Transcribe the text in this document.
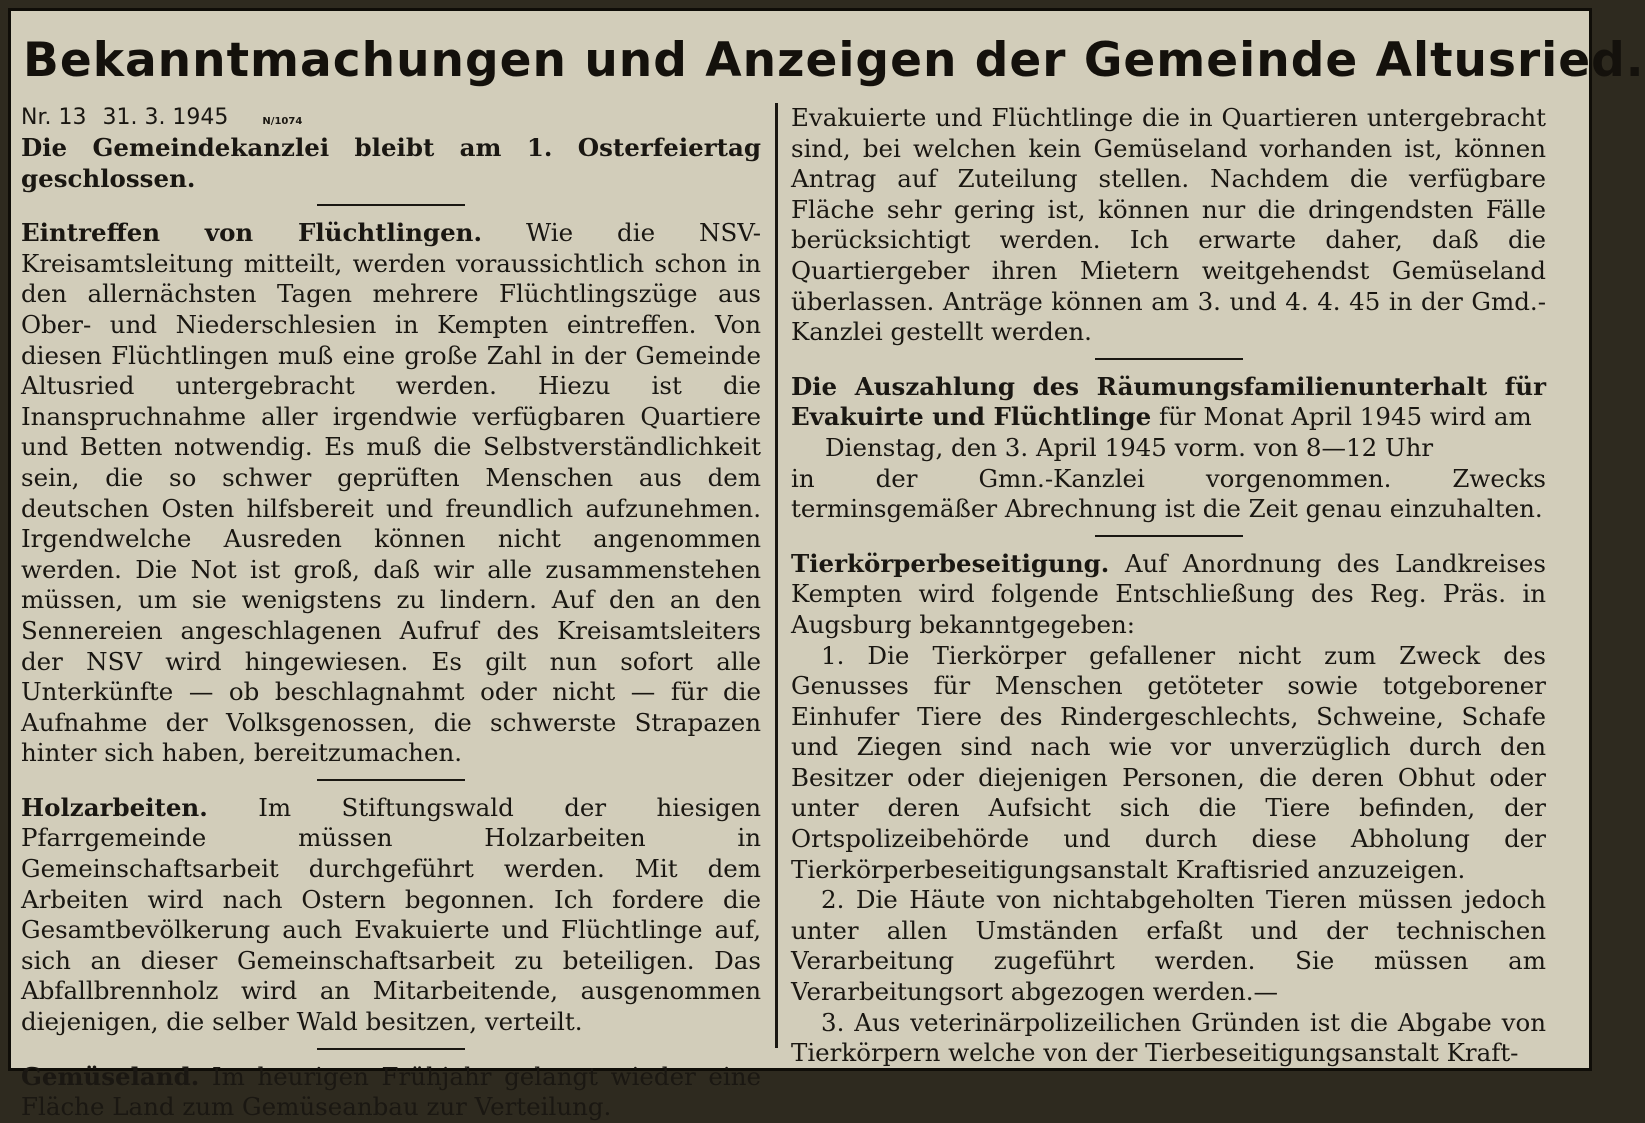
Bekanntmachungen und Anzeigen der Gemeinde Altusried.
Nr. 13 31. 3. 1945	N/1074

Die Gemeindekanzlei bleibt am 1. Osterfeiertag geschlossen.

Eintreffen von Flüchtlingen. Wie die NSV-Kreisamtsleitung mitteilt, werden voraussichtlich schon in den allernächsten Tagen mehrere Flüchtlingszüge aus Ober- und Niederschlesien in Kempten eintreffen. Von diesen Flüchtlingen muß eine große Zahl in der Gemeinde Altusried untergebracht werden. Hiezu ist die Inanspruchnahme aller irgendwie verfügbaren Quartiere und Betten notwendig. Es muß die Selbstverständlichkeit sein, die so schwer geprüften Menschen aus dem deutschen Osten hilfsbereit und freundlich aufzunehmen. Irgendwelche Ausreden können nicht angenommen werden. Die Not ist groß, daß wir alle zusammenstehen müssen, um sie wenigstens zu lindern. Auf den an den Sennereien angeschlagenen Aufruf des Kreisamtsleiters der NSV wird hingewiesen. Es gilt nun sofort alle Unterkünfte — ob beschlagnahmt oder nicht — für die Aufnahme der Volksgenossen, die schwerste Strapazen hinter sich haben, bereitzumachen.

Holzarbeiten. Im Stiftungswald der hiesigen Pfarrgemeinde müssen Holzarbeiten in Gemeinschaftsarbeit durchgeführt werden. Mit dem Arbeiten wird nach Ostern begonnen. Ich fordere die Gesamtbevölkerung auch Evakuierte und Flüchtlinge auf, sich an dieser Gemeinschaftsarbeit zu beteiligen. Das Abfallbrennholz wird an Mitarbeitende, ausgenommen diejenigen, die selber Wald besitzen, verteilt.

Gemüseland. Im heurigen Frühjahr gelangt wieder eine Fläche Land zum Gemüseanbau zur Verteilung.

Evakuierte und Flüchtlinge die in Quartieren untergebracht sind, bei welchen kein Gemüseland vorhanden ist, können Antrag auf Zuteilung stellen. Nachdem die verfügbare Fläche sehr gering ist, können nur die dringendsten Fälle berücksichtigt werden. Ich erwarte daher, daß die Quartiergeber ihren Mietern weitgehendst Gemüseland überlassen. Anträge können am 3. und 4. 4. 45 in der Gmd.-Kanzlei gestellt werden.

Die Auszahlung des Räumungsfamilienunterhalt für Evakuirte und Flüchtlinge für Monat April 1945 wird am

Dienstag, den 3. April 1945 vorm. von 8—12 Uhr

in der Gmn.-Kanzlei vorgenommen. Zwecks terminsgemäßer Abrechnung ist die Zeit genau einzuhalten.

Tierkörperbeseitigung. Auf Anordnung des Landkreises Kempten wird folgende Entschließung des Reg. Präs. in Augsburg bekanntgegeben:

1. Die Tierkörper gefallener nicht zum Zweck des Genusses für Menschen getöteter sowie totgeborener Einhufer Tiere des Rindergeschlechts, Schweine, Schafe und Ziegen sind nach wie vor unverzüglich durch den Besitzer oder diejenigen Personen, die deren Obhut oder unter deren Aufsicht sich die Tiere befinden, der Ortspolizeibehörde und durch diese Abholung der Tierkörperbeseitigungsanstalt Kraftisried anzuzeigen.

2. Die Häute von nichtabgeholten Tieren müssen jedoch unter allen Umständen erfaßt und der technischen Verarbeitung zugeführt werden. Sie müssen am Verarbeitungsort abgezogen werden.—

3. Aus veterinärpolizeilichen Gründen ist die Abgabe von Tierkörpern welche von der Tierbeseitigungsanstalt Kraft-
